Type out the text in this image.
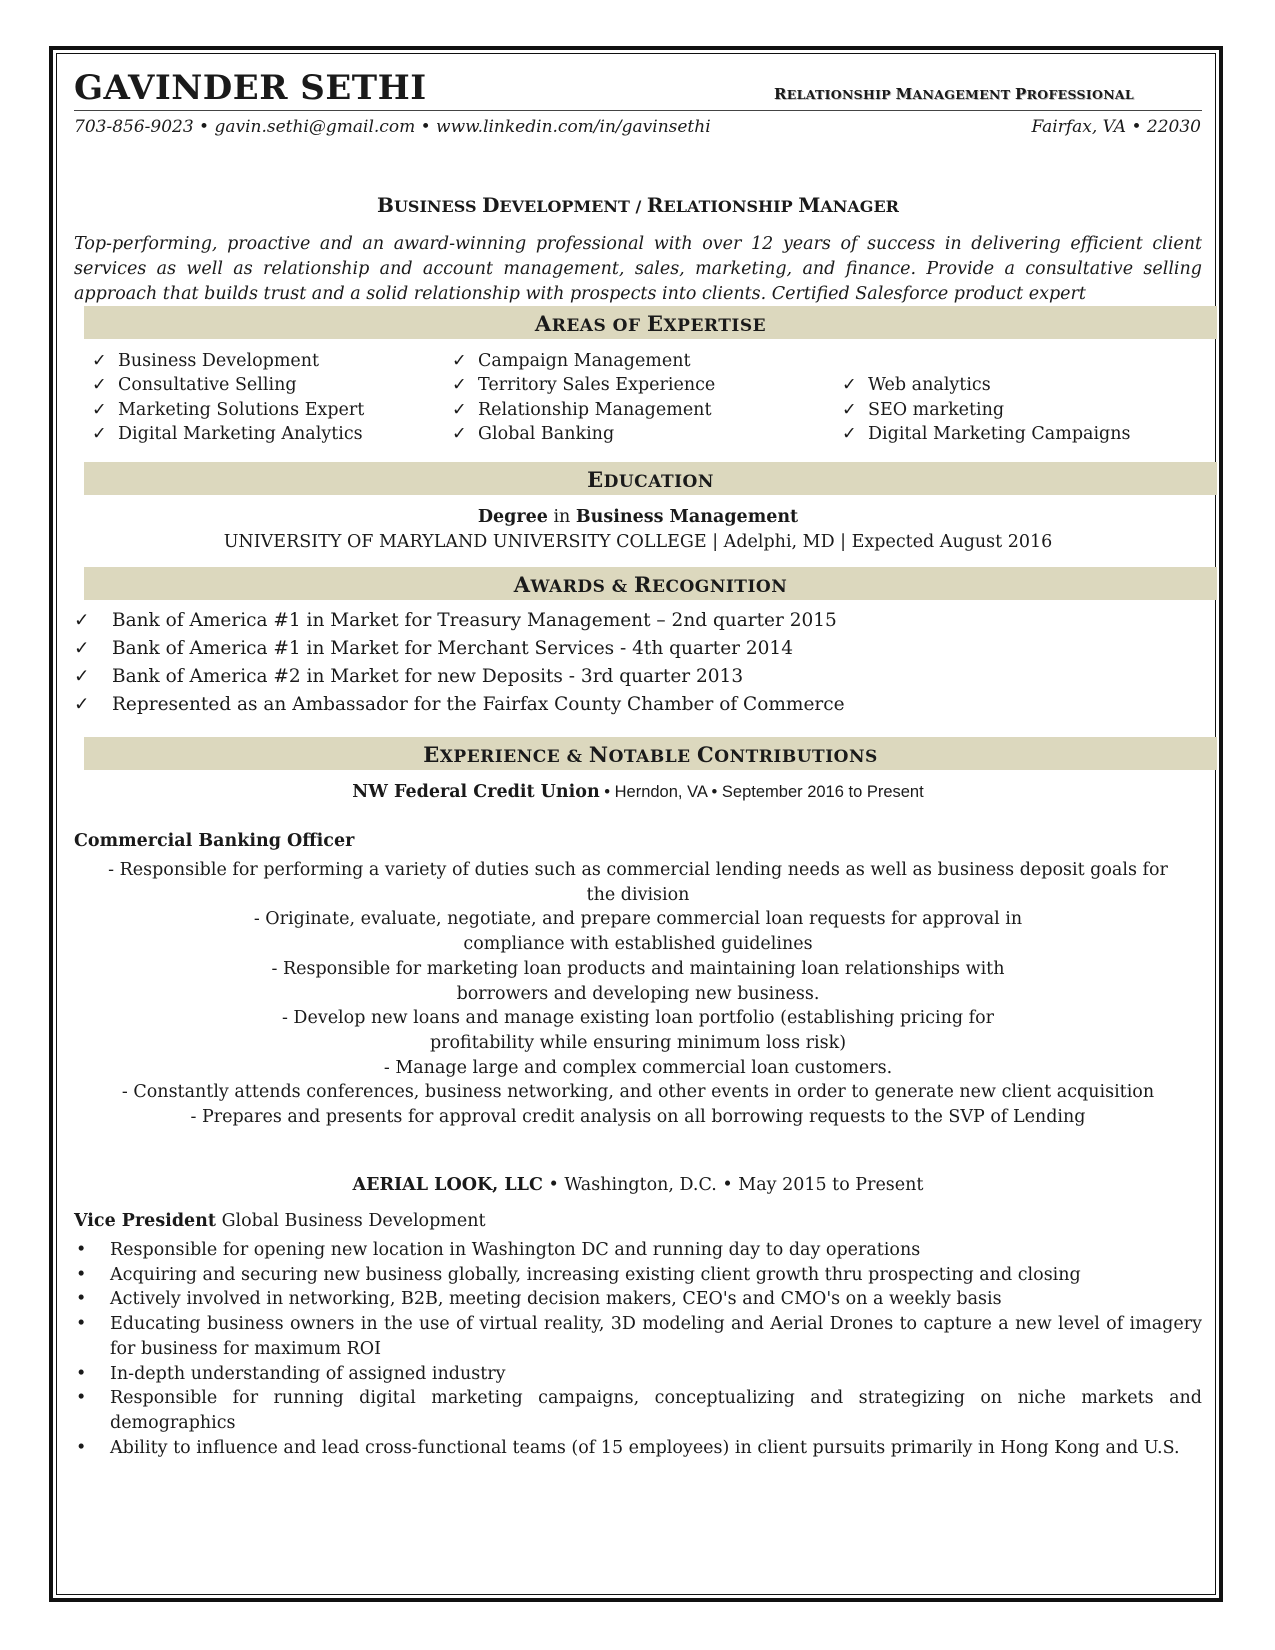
GAVINDER SETHI	RELATIONSHIP MANAGEMENT PROFESSIONAL
703-856-9023 • gavin.sethi@gmail.com • www.linkedin.com/in/gavinsethi	Fairfax, VA • 22030
BUSINESS DEVELOPMENT / RELATIONSHIP MANAGER
Top-performing, proactive and an award-winning professional with over 12 years of success in delivering efficient client services as well as relationship and account management, sales, marketing, and finance. Provide a consultative selling approach that builds trust and a solid relationship with prospects into clients. Certified Salesforce product expert
AREAS OF EXPERTISE
✓ Business Development
✓ Consultative Selling
✓ Marketing Solutions Expert
✓ Digital Marketing Analytics
✓ Campaign Management
✓ Territory Sales Experience
✓ Relationship Management
✓ Global Banking
✓ Web analytics
✓ SEO marketing
✓ Digital Marketing Campaigns
EDUCATION
Degree in Business Management
UNIVERSITY OF MARYLAND UNIVERSITY COLLEGE | Adelphi, MD | Expected August 2016
AWARDS & RECOGNITION
✓ Bank of America #1 in Market for Treasury Management – 2nd quarter 2015
✓ Bank of America #1 in Market for Merchant Services - 4th quarter 2014
✓ Bank of America #2 in Market for new Deposits - 3rd quarter 2013
✓ Represented as an Ambassador for the Fairfax County Chamber of Commerce
EXPERIENCE & NOTABLE CONTRIBUTIONS
NW Federal Credit Union • Herndon, VA • September 2016 to Present
Commercial Banking Officer
- Responsible for performing a variety of duties such as commercial lending needs as well as business deposit goals for
the division
- Originate, evaluate, negotiate, and prepare commercial loan requests for approval in
compliance with established guidelines
- Responsible for marketing loan products and maintaining loan relationships with
borrowers and developing new business.
- Develop new loans and manage existing loan portfolio (establishing pricing for
profitability while ensuring minimum loss risk)
- Manage large and complex commercial loan customers.
- Constantly attends conferences, business networking, and other events in order to generate new client acquisition
- Prepares and presents for approval credit analysis on all borrowing requests to the SVP of Lending
AERIAL LOOK, LLC • Washington, D.C. • May 2015 to Present
Vice President Global Business Development
• Responsible for opening new location in Washington DC and running day to day operations
• Acquiring and securing new business globally, increasing existing client growth thru prospecting and closing
• Actively involved in networking, B2B, meeting decision makers, CEO's and CMO's on a weekly basis
• Educating business owners in the use of virtual reality, 3D modeling and Aerial Drones to capture a new level of imagery for business for maximum ROI
• In-depth understanding of assigned industry
• Responsible for running digital marketing campaigns, conceptualizing and strategizing on niche markets and demographics
• Ability to influence and lead cross-functional teams (of 15 employees) in client pursuits primarily in Hong Kong and U.S.
